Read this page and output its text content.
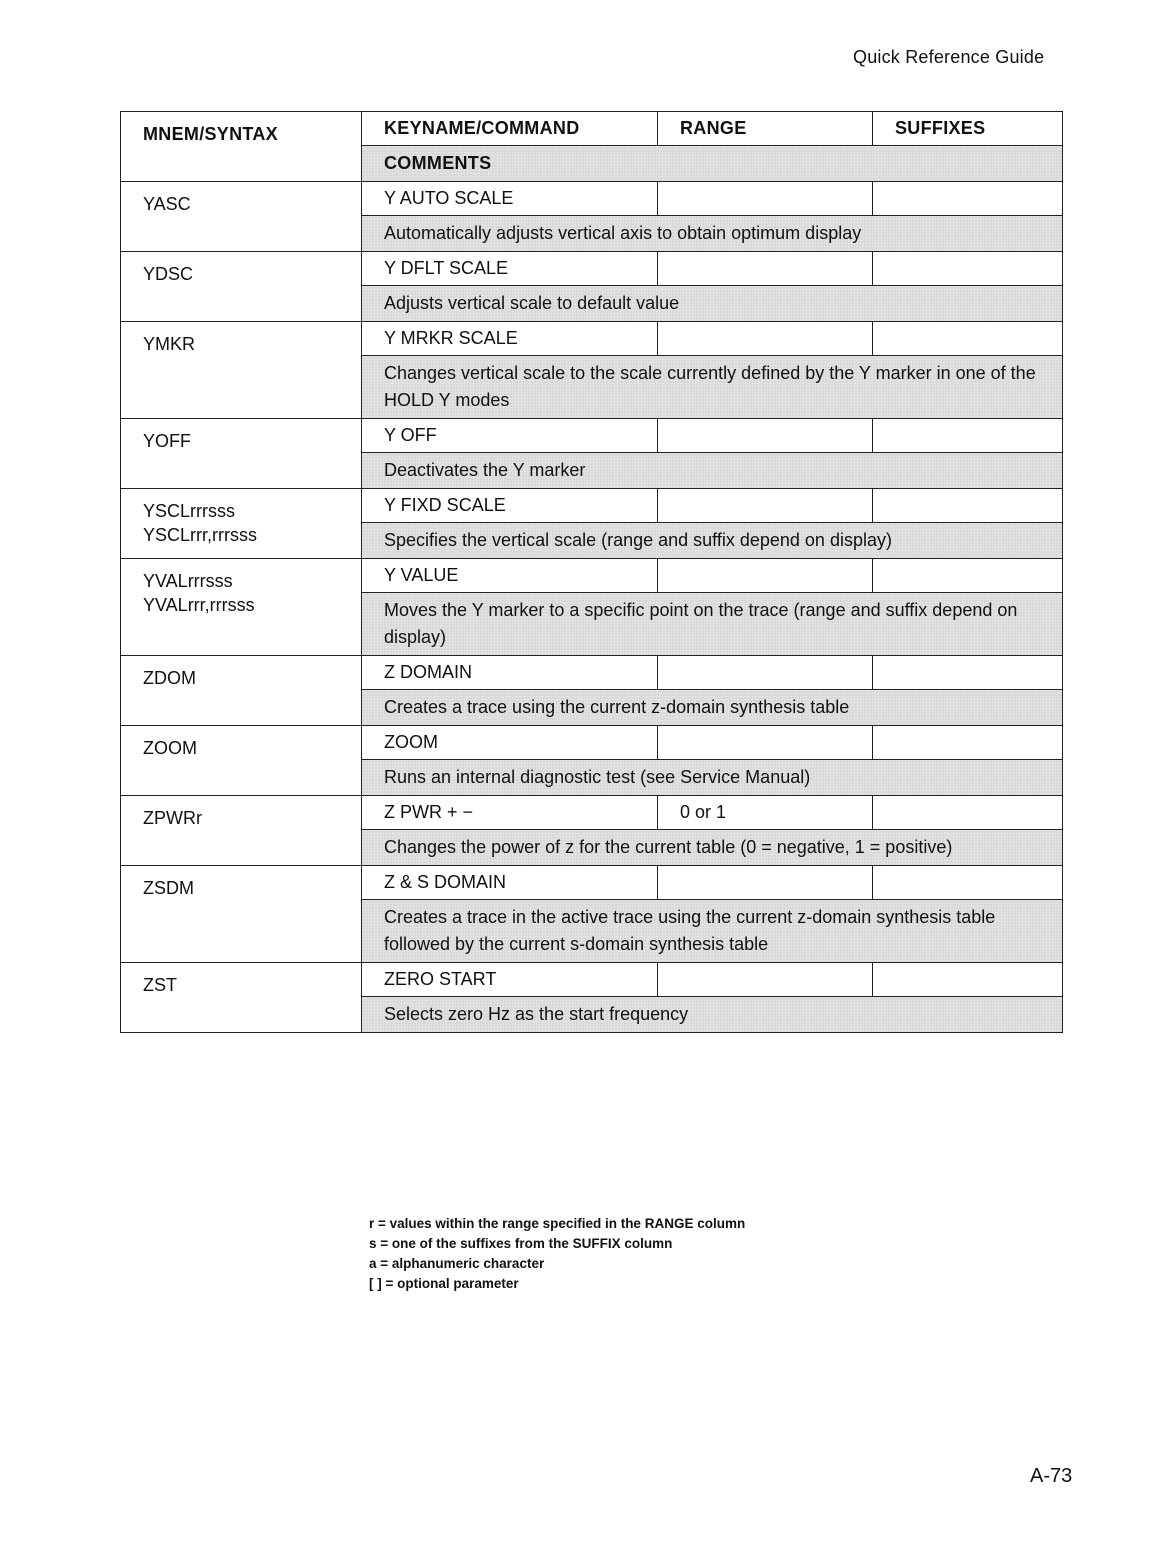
Quick Reference Guide
MNEM/SYNTAX	KEYNAME/COMMAND	RANGE	SUFFIXES
	COMMENTS		
YASC	Y AUTO SCALE		
	Automatically adjusts vertical axis to obtain optimum display		
YDSC	Y DFLT SCALE		
	Adjusts vertical scale to default value		
YMKR	Y MRKR SCALE		
	Changes vertical scale to the scale currently defined by the Y marker in one of the HOLD Y modes		
YOFF	Y OFF		
	Deactivates the Y marker		

YSCLrrrsss
YSCLrrr,rrrsss	Y FIXD SCALE		
	Specifies the vertical scale (range and suffix depend on display)		

YVALrrrsss
YVALrrr,rrrsss	Y VALUE		
	Moves the Y marker to a specific point on the trace (range and suffix depend on display)		
ZDOM	Z DOMAIN		
	Creates a trace using the current z-domain synthesis table		
ZOOM	ZOOM		
	Runs an internal diagnostic test (see Service Manual)		
ZPWRr	Z PWR + −	0 or 1	
	Changes the power of z for the current table (0 = negative, 1 = positive)		
ZSDM	Z & S DOMAIN		
	Creates a trace in the active trace using the current z-domain synthesis table followed by the current s-domain synthesis table		
ZST	ZERO START		
	Selects zero Hz as the start frequency		
r = values within the range specified in the RANGE column
s = one of the suffixes from the SUFFIX column
a = alphanumeric character
[ ] = optional parameter
A-73
